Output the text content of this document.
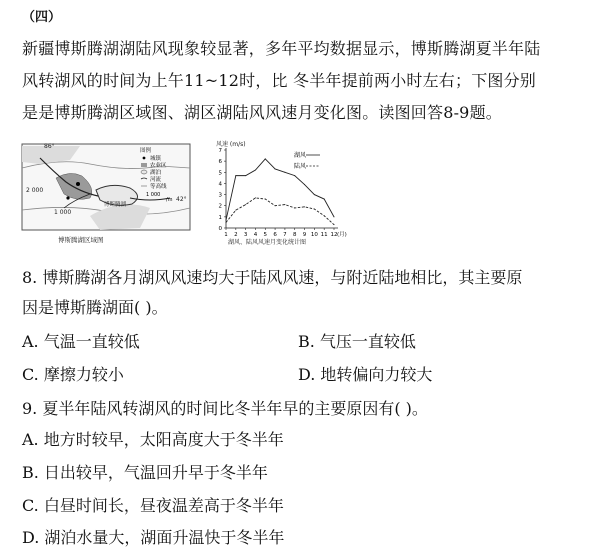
（四）
新疆博斯腾湖湖陆风现象较显著，多年平均数据显示，博斯腾湖夏半年陆
风转湖风的时间为上午11~12时，比 冬半年提前两小时左右；下图分别
是是博斯腾湖区域图、湖区湖陆风风速月变化图。读图回答8-9题。
86°
42°
2 000
1 000
博斯腾湖
图例
城镇
农业区
湖泊
河流
等高线
1 000
/m
博斯腾湖区域图
风速 (m/s)
0
1
2
3
4
5
6
7
1 2 3 4 5 6 7 8 9 10 11 12 (月)
湖风
陆风
湖风、陆风风速月变化统计图
8. 博斯腾湖各月湖风风速均大于陆风风速，与附近陆地相比，其主要原
因是博斯腾湖面( )。
A. 气温一直较低	B. 气压一直较低
C. 摩擦力较小	D. 地转偏向力较大
9. 夏半年陆风转湖风的时间比冬半年早的主要原因有( )。
A. 地方时较早，太阳高度大于冬半年
B. 日出较早，气温回升早于冬半年
C. 白昼时间长，昼夜温差高于冬半年
D. 湖泊水量大，湖面升温快于冬半年
